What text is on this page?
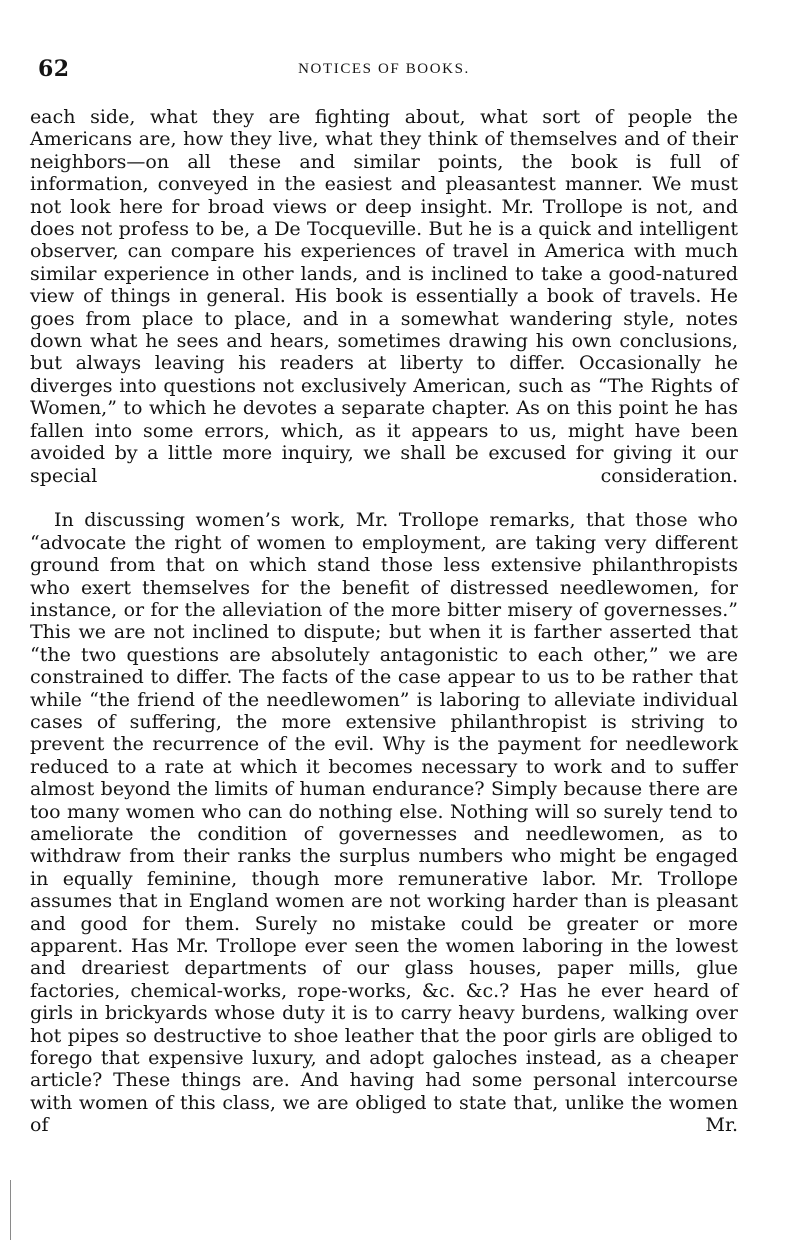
62	NOTICES OF BOOKS.

each side, what they are fighting about, what sort of people the Americans are, how they live, what they think of themselves and of their neighbors—on all these and similar points, the book is full of information, conveyed in the easiest and pleasantest manner. We must not look here for broad views or deep insight. Mr. Trollope is not, and does not profess to be, a De Tocqueville. But he is a quick and intelligent observer, can compare his experiences of travel in America with much similar experience in other lands, and is inclined to take a good-natured view of things in general. His book is essentially a book of travels. He goes from place to place, and in a somewhat wandering style, notes down what he sees and hears, sometimes drawing his own conclusions, but always leaving his readers at liberty to differ. Occasionally he diverges into questions not exclusively American, such as “The Rights of Women,” to which he devotes a separate chapter. As on this point he has fallen into some errors, which, as it appears to us, might have been avoided by a little more inquiry, we shall be excused for giving it our special consideration.

In discussing women’s work, Mr. Trollope remarks, that those who “advocate the right of women to employment, are taking very different ground from that on which stand those less extensive philanthropists who exert themselves for the benefit of distressed needlewomen, for instance, or for the alleviation of the more bitter misery of governesses.” This we are not inclined to dispute; but when it is farther asserted that “the two questions are absolutely antagonistic to each other,” we are constrained to differ. The facts of the case appear to us to be rather that while “the friend of the needlewomen” is laboring to alleviate individual cases of suffering, the more extensive philanthropist is striving to prevent the recurrence of the evil. Why is the payment for needlework reduced to a rate at which it becomes necessary to work and to suffer almost beyond the limits of human endurance? Simply because there are too many women who can do nothing else. Nothing will so surely tend to ameliorate the condition of governesses and needlewomen, as to withdraw from their ranks the surplus numbers who might be engaged in equally feminine, though more remunerative labor. Mr. Trollope assumes that in England women are not working harder than is pleasant and good for them. Surely no mistake could be greater or more apparent. Has Mr. Trollope ever seen the women laboring in the lowest and dreariest departments of our glass houses, paper mills, glue factories, chemical-works, rope-works, &c. &c.? Has he ever heard of girls in brickyards whose duty it is to carry heavy burdens, walking over hot pipes so destructive to shoe leather that the poor girls are obliged to forego that expensive luxury, and adopt galoches instead, as a cheaper article? These things are. And having had some personal intercourse with women of this class, we are obliged to state that, unlike the women of Mr.
